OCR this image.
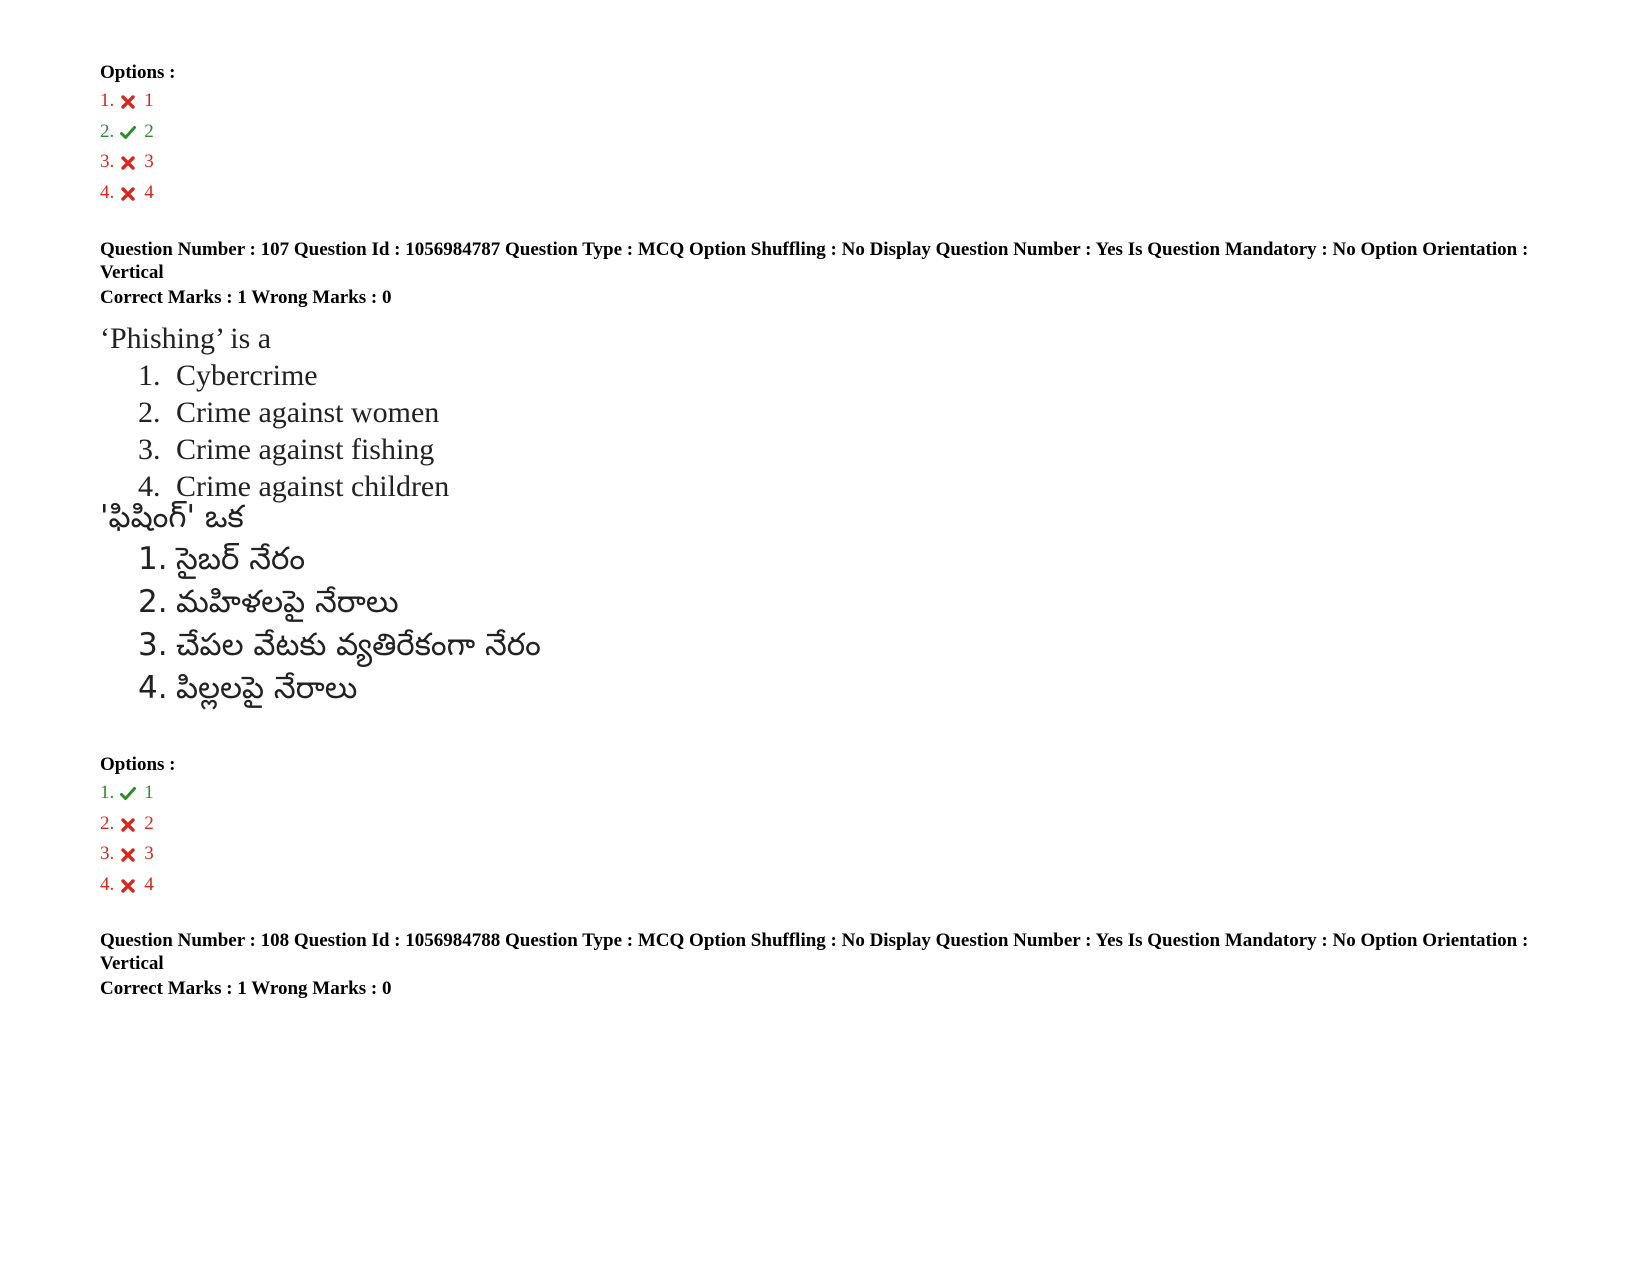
Options :
1. 1
2. 2
3. 3
4. 4
Question Number : 107 Question Id : 1056984787 Question Type : MCQ Option Shuffling : No Display Question Number : Yes Is Question Mandatory : No Option Orientation : Vertical
Correct Marks : 1 Wrong Marks : 0
‘Phishing’ is a
1. Cybercrime
2. Crime against women
3. Crime against fishing
4. Crime against children
'ఫిషింగ్' ఒక
1. సైబర్ నేరం
2. మహిళలపై నేరాలు
3. చేపల వేటకు వ్యతిరేకంగా నేరం
4. పిల్లలపై నేరాలు
Options :
1. 1
2. 2
3. 3
4. 4
Question Number : 108 Question Id : 1056984788 Question Type : MCQ Option Shuffling : No Display Question Number : Yes Is Question Mandatory : No Option Orientation : Vertical
Correct Marks : 1 Wrong Marks : 0
